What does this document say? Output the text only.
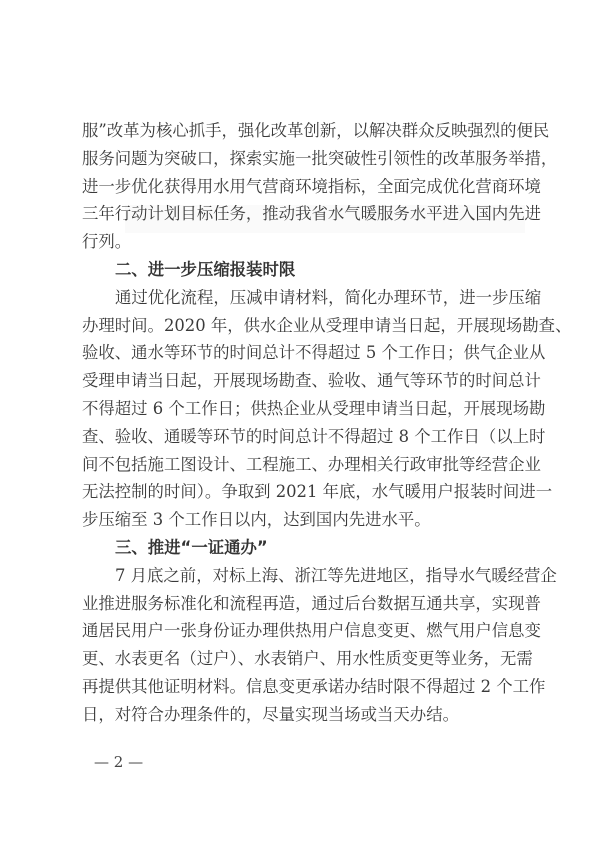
服”改革为核心抓手，强化改革创新，以解决群众反映强烈的便民
服务问题为突破口，探索实施一批突破性引领性的改革服务举措，
进一步优化获得用水用气营商环境指标，全面完成优化营商环境
三年行动计划目标任务，推动我省水气暖服务水平进入国内先进
行列。
二、进一步压缩报装时限
通过优化流程，压减申请材料，简化办理环节，进一步压缩
办理时间。2020 年，供水企业从受理申请当日起，开展现场勘查、
验收、通水等环节的时间总计不得超过 5 个工作日；供气企业从
受理申请当日起，开展现场勘查、验收、通气等环节的时间总计
不得超过 6 个工作日；供热企业从受理申请当日起，开展现场勘
查、验收、通暖等环节的时间总计不得超过 8 个工作日（以上时
间不包括施工图设计、工程施工、办理相关行政审批等经营企业
无法控制的时间）。争取到 2021 年底，水气暖用户报装时间进一
步压缩至 3 个工作日以内，达到国内先进水平。
三、推进“一证通办”
7 月底之前，对标上海、浙江等先进地区，指导水气暖经营企
业推进服务标准化和流程再造，通过后台数据互通共享，实现普
通居民用户一张身份证办理供热用户信息变更、燃气用户信息变
更、水表更名（过户）、水表销户、用水性质变更等业务，无需
再提供其他证明材料。信息变更承诺办结时限不得超过 2 个工作
日，对符合办理条件的，尽量实现当场或当天办结。
— 2 —
